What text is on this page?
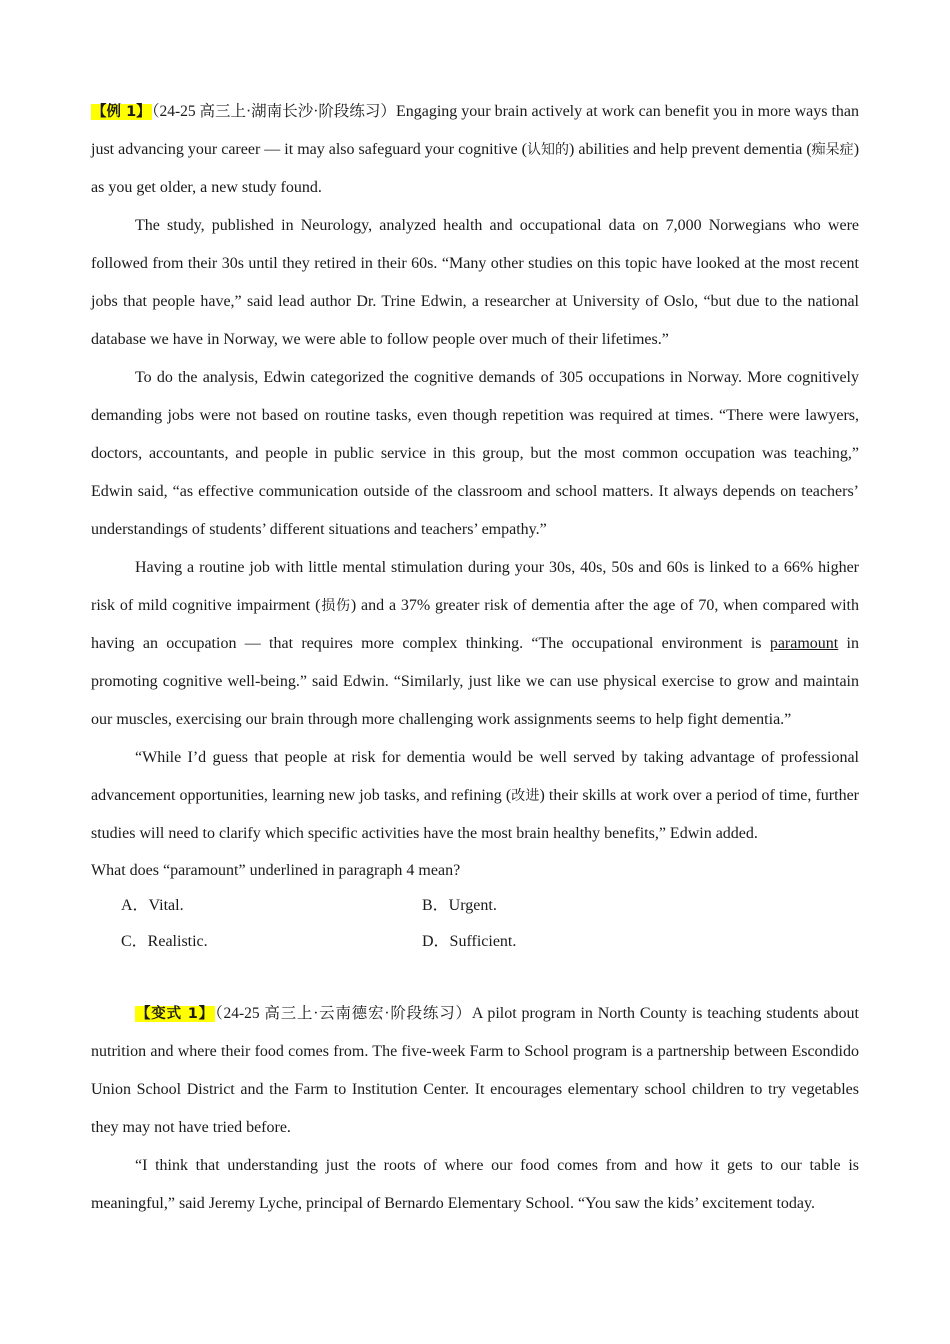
【例 1】（24-25 高三上·湖南长沙·阶段练习）Engaging your brain actively at work can benefit you in more ways than just advancing your career — it may also safeguard your cognitive (认知的) abilities and help prevent dementia (痴呆症) as you get older, a new study found.

The study, published in Neurology, analyzed health and occupational data on 7,000 Norwegians who were followed from their 30s until they retired in their 60s. “Many other studies on this topic have looked at the most recent jobs that people have,” said lead author Dr. Trine Edwin, a researcher at University of Oslo, “but due to the national database we have in Norway, we were able to follow people over much of their lifetimes.”

To do the analysis, Edwin categorized the cognitive demands of 305 occupations in Norway. More cognitively demanding jobs were not based on routine tasks, even though repetition was required at times. “There were lawyers, doctors, accountants, and people in public service in this group, but the most common occupation was teaching,” Edwin said, “as effective communication outside of the classroom and school matters. It always depends on teachers’ understandings of students’ different situations and teachers’ empathy.”

Having a routine job with little mental stimulation during your 30s, 40s, 50s and 60s is linked to a 66% higher risk of mild cognitive impairment (损伤) and a 37% greater risk of dementia after the age of 70, when compared with having an occupation — that requires more complex thinking. “The occupational environment is paramount in promoting cognitive well-being.” said Edwin. “Similarly, just like we can use physical exercise to grow and maintain our muscles, exercising our brain through more challenging work assignments seems to help fight dementia.”

“While I’d guess that people at risk for dementia would be well served by taking advantage of professional advancement opportunities, learning new job tasks, and refining (改进) their skills at work over a period of time, further studies will need to clarify which specific activities have the most brain healthy benefits,” Edwin added.

What does “paramount” underlined in paragraph 4 mean?

A．Vital.	B．Urgent.
C．Realistic.	D．Sufficient.

【变式 1】（24-25 高三上·云南德宏·阶段练习）A pilot program in North County is teaching students about nutrition and where their food comes from. The five-week Farm to School program is a partnership between Escondido Union School District and the Farm to Institution Center. It encourages elementary school children to try vegetables they may not have tried before.

“I think that understanding just the roots of where our food comes from and how it gets to our table is meaningful,” said Jeremy Lyche, principal of Bernardo Elementary School. “You saw the kids’ excitement today.
